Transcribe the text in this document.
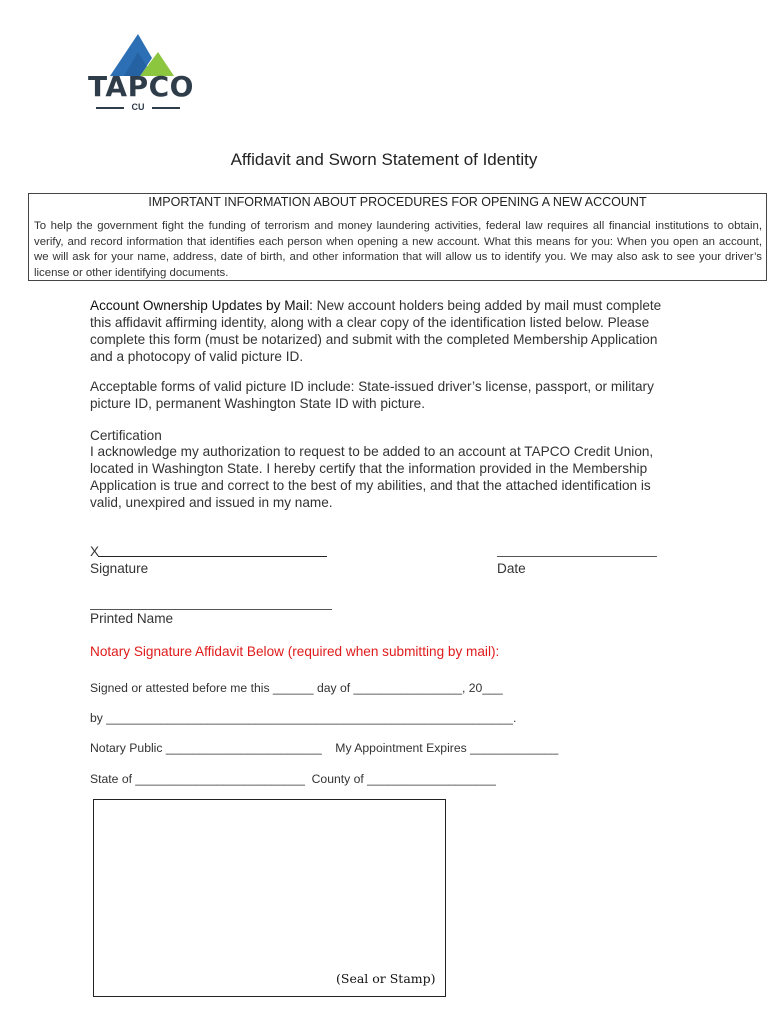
TAPCO
CU
Affidavit and Sworn Statement of Identity
IMPORTANT INFORMATION ABOUT PROCEDURES FOR OPENING A NEW ACCOUNT
To help the government fight the funding of terrorism and money laundering activities, federal law requires all financial institutions to obtain, verify, and record information that identifies each person when opening a new account. What this means for you: When you open an account, we will ask for your name, address, date of birth, and other information that will allow us to identify you. We may also ask to see your driver’s license or other identifying documents.
Account Ownership Updates by Mail: New account holders being added by mail must complete this affidavit affirming identity, along with a clear copy of the identification listed below. Please complete this form (must be notarized) and submit with the completed Membership Application and a photocopy of valid picture ID.
Acceptable forms of valid picture ID include: State-issued driver’s license, passport, or military picture ID, permanent Washington State ID with picture.
Certification
I acknowledge my authorization to request to be added to an account at TAPCO Credit Union, located in Washington State. I hereby certify that the information provided in the Membership Application is true and correct to the best of my abilities, and that the attached identification is valid, unexpired and issued in my name.
X
Signature	Date
Printed Name
Notary Signature Affidavit Below (required when submitting by mail):
Signed or attested before me this ______ day of ________________, 20___
by ____________________________________________________________.
Notary Public _______________________    My Appointment Expires _____________
State of _________________________  County of ___________________
(Seal or Stamp)
